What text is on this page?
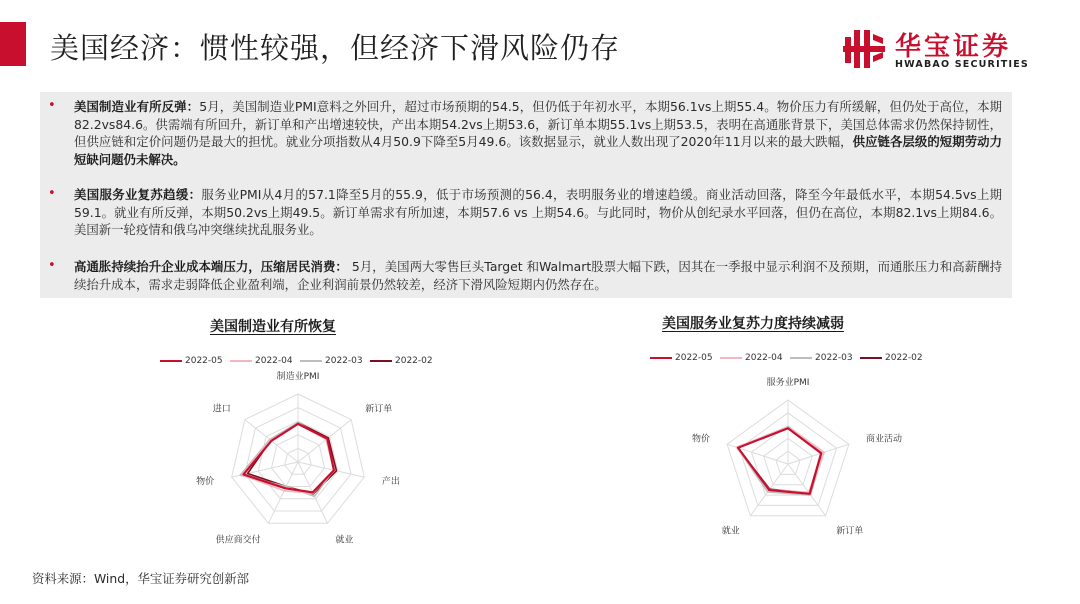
美国经济：惯性较强，但经济下滑风险仍存	华宝证券
HWABAO SECURITIES
• 美国制造业有所反弹：5月，美国制造业PMI意料之外回升，超过市场预期的54.5，但仍低于年初水平，本期56.1vs上期55.4。物价压力有所缓解，但仍处于高位，本期82.2vs84.6。供需端有所回升，新订单和产出增速较快，产出本期54.2vs上期53.6，新订单本期55.1vs上期53.5，表明在高通胀背景下，美国总体需求仍然保持韧性，但供应链和定价问题仍是最大的担忧。就业分项指数从4月50.9下降至5月49.6。该数据显示，就业人数出现了2020年11月以来的最大跌幅，供应链各层级的短期劳动力短缺问题仍未解决。

• 美国服务业复苏趋缓：服务业PMI从4月的57.1降至5月的55.9，低于市场预测的56.4，表明服务业的增速趋缓。商业活动回落，降至今年最低水平，本期54.5vs上期59.1。就业有所反弹，本期50.2vs上期49.5。新订单需求有所加速，本期57.6 vs 上期54.6。与此同时，物价从创纪录水平回落，但仍在高位，本期82.1vs上期84.6。美国新一轮疫情和俄乌冲突继续扰乱服务业。

• 高通胀持续抬升企业成本端压力，压缩居民消费： 5月，美国两大零售巨头Target 和Walmart股票大幅下跌，因其在一季报中显示利润不及预期，而通胀压力和高薪酬持续抬升成本，需求走弱降低企业盈利端，企业利润前景仍然较差，经济下滑风险短期内仍然存在。

美国制造业有所恢复	美国服务业复苏力度持续减弱
2022-05	2022-04	2022-03	2022-02	2022-05	2022-04	2022-03	2022-02
制造业PMI
新订单
产出
就业
供应商交付
物价
进口
服务业PMI
商业活动
新订单
就业
物价
资料来源：Wind，华宝证券研究创新部
